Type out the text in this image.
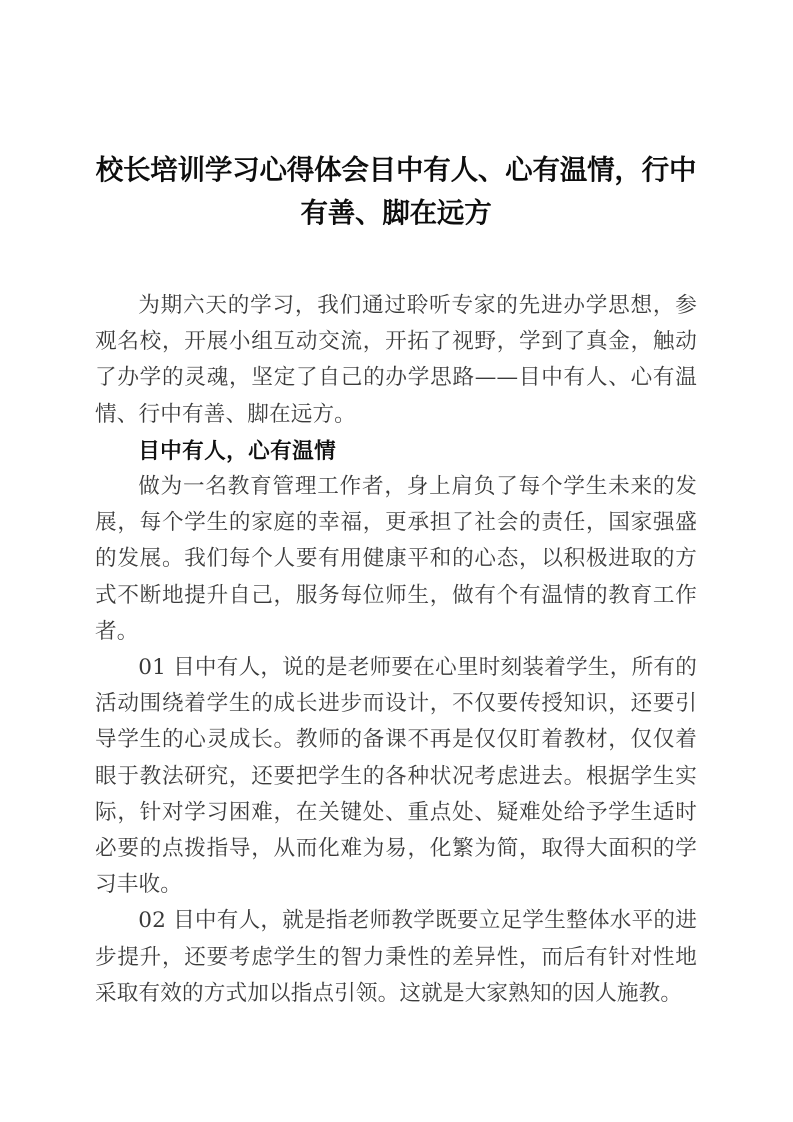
校长培训学习心得体会目中有人、心有温情，行中有善、脚在远方

为期六天的学习，我们通过聆听专家的先进办学思想，参观名校，开展小组互动交流，开拓了视野，学到了真金，触动了办学的灵魂，坚定了自己的办学思路——目中有人、心有温情、行中有善、脚在远方。

目中有人，心有温情

做为一名教育管理工作者，身上肩负了每个学生未来的发展，每个学生的家庭的幸福，更承担了社会的责任，国家强盛的发展。我们每个人要有用健康平和的心态，以积极进取的方式不断地提升自己，服务每位师生，做有个有温情的教育工作者。

01 目中有人，说的是老师要在心里时刻装着学生，所有的活动围绕着学生的成长进步而设计，不仅要传授知识，还要引导学生的心灵成长。教师的备课不再是仅仅盯着教材，仅仅着眼于教法研究，还要把学生的各种状况考虑进去。根据学生实际，针对学习困难，在关键处、重点处、疑难处给予学生适时必要的点拨指导，从而化难为易，化繁为简，取得大面积的学习丰收。

02 目中有人，就是指老师教学既要立足学生整体水平的进步提升，还要考虑学生的智力秉性的差异性，而后有针对性地采取有效的方式加以指点引领。这就是大家熟知的因人施教。
